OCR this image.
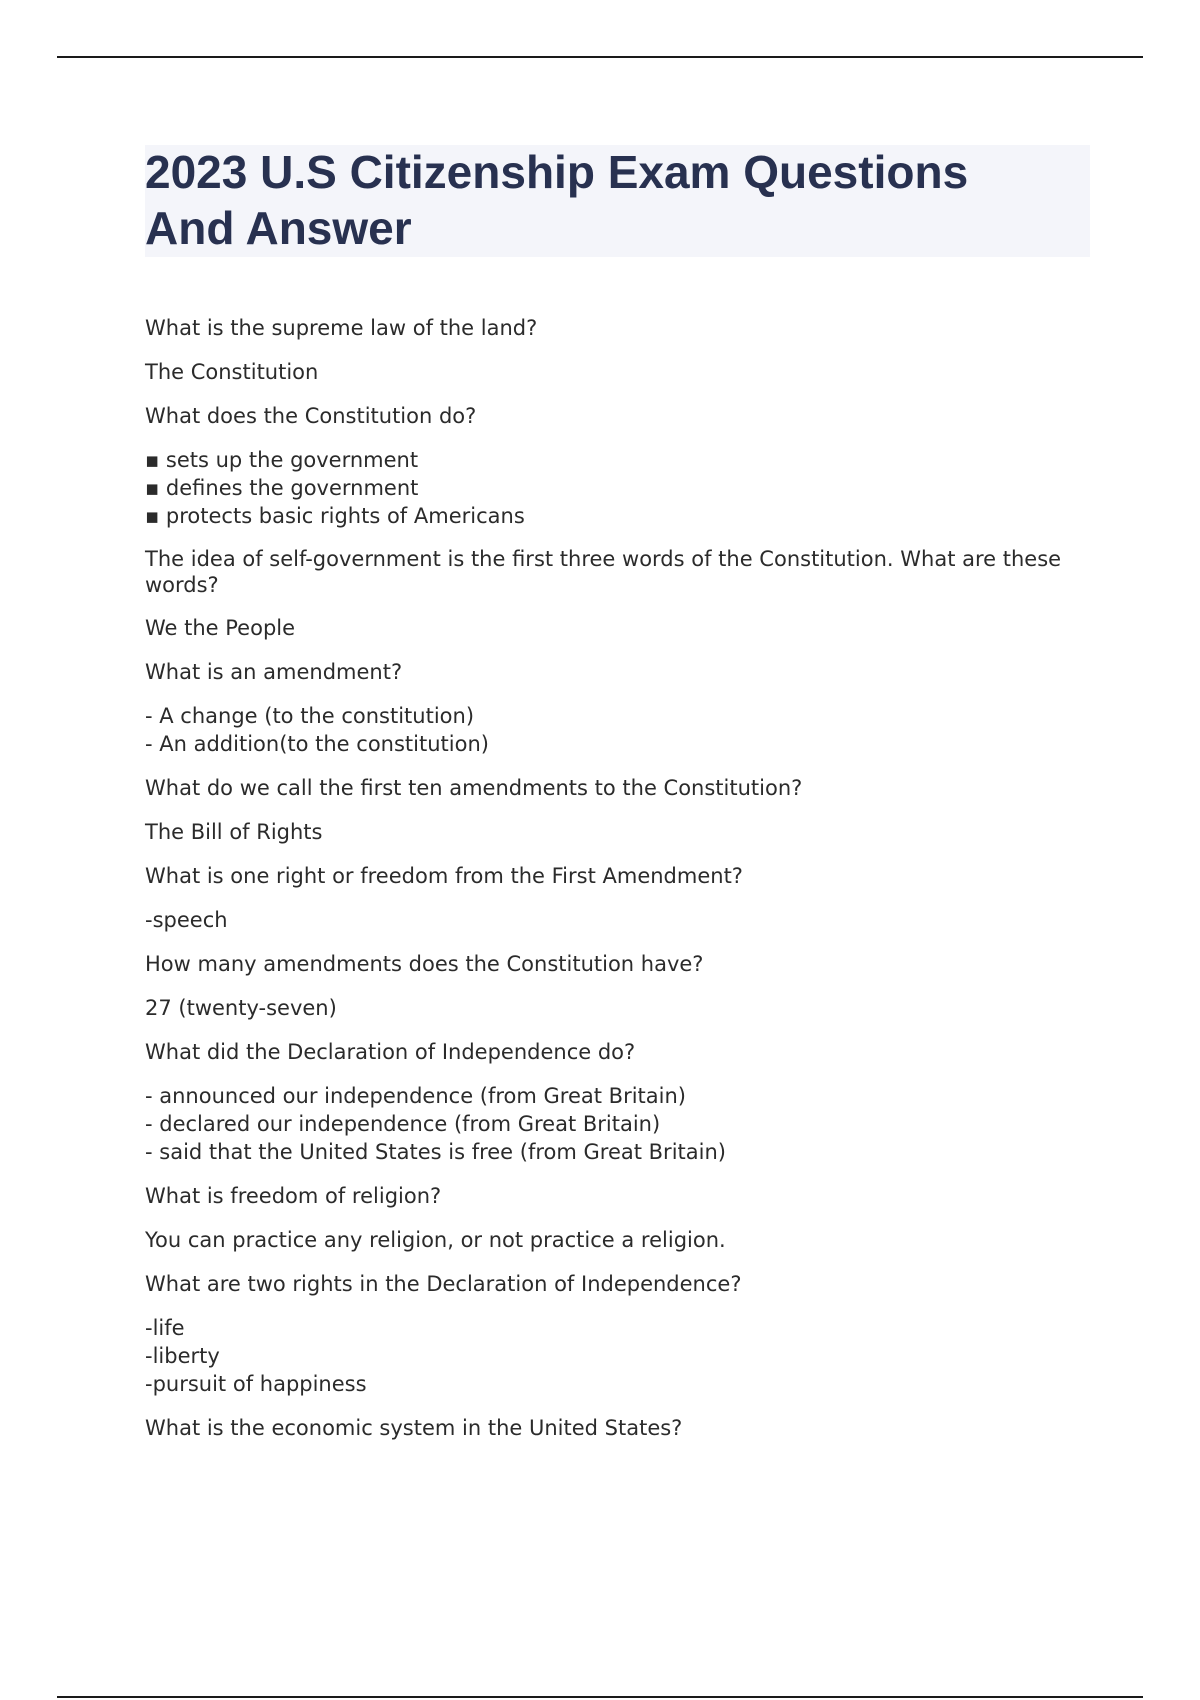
2023 U.S Citizenship Exam Questions
And Answer
What is the supreme law of the land?
The Constitution
What does the Constitution do?
▪ sets up the government
▪ defines the government
▪ protects basic rights of Americans
The idea of self-government is the first three words of the Constitution. What are these words?
We the People
What is an amendment?
- A change (to the constitution)
- An addition(to the constitution)
What do we call the first ten amendments to the Constitution?
The Bill of Rights
What is one right or freedom from the First Amendment?
-speech
How many amendments does the Constitution have?
27 (twenty-seven)
What did the Declaration of Independence do?
- announced our independence (from Great Britain)
- declared our independence (from Great Britain)
- said that the United States is free (from Great Britain)
What is freedom of religion?
You can practice any religion, or not practice a religion.
What are two rights in the Declaration of Independence?
-life
-liberty
-pursuit of happiness
What is the economic system in the United States?
